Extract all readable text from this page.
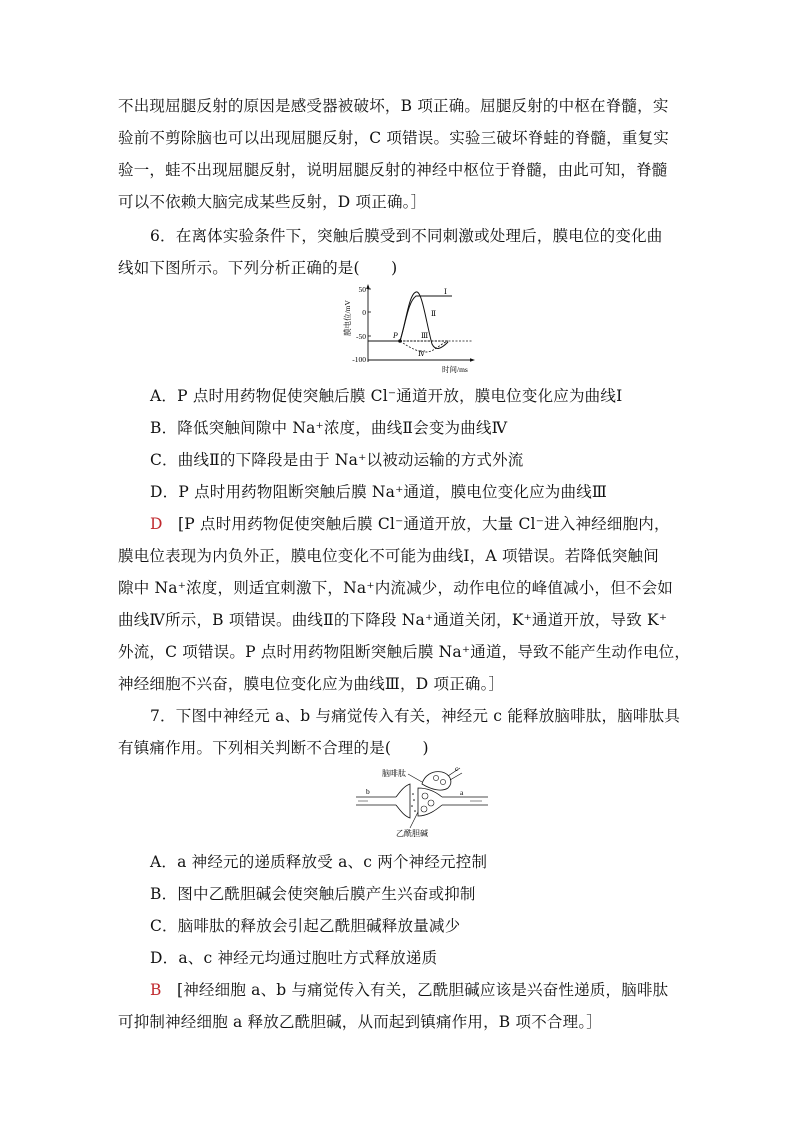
不出现屈腿反射的原因是感受器被破坏，B 项正确。屈腿反射的中枢在脊髓，实
验前不剪除脑也可以出现屈腿反射，C 项错误。实验三破坏脊蛙的脊髓，重复实
验一，蛙不出现屈腿反射，说明屈腿反射的神经中枢位于脊髓，由此可知，脊髓
可以不依赖大脑完成某些反射，D 项正确。］
6．在离体实验条件下，突触后膜受到不同刺激或处理后，膜电位的变化曲
线如下图所示。下列分析正确的是(　　)
50
0
-50
-100
膜电位/mV
时间/ms
P
Ⅰ
Ⅱ
Ⅲ
Ⅳ
A．P 点时用药物促使突触后膜 Cl⁻通道开放，膜电位变化应为曲线Ⅰ
B．降低突触间隙中 Na⁺浓度，曲线Ⅱ会变为曲线Ⅳ
C．曲线Ⅱ的下降段是由于 Na⁺以被动运输的方式外流
D．P 点时用药物阻断突触后膜 Na⁺通道，膜电位变化应为曲线Ⅲ
D [P 点时用药物促使突触后膜 Cl⁻通道开放，大量 Cl⁻进入神经细胞内，
膜电位表现为内负外正，膜电位变化不可能为曲线Ⅰ，A 项错误。若降低突触间
隙中 Na⁺浓度，则适宜刺激下，Na⁺内流减少，动作电位的峰值减小，但不会如
曲线Ⅳ所示，B 项错误。曲线Ⅱ的下降段 Na⁺通道关闭，K⁺通道开放，导致 K⁺
外流，C 项错误。P 点时用药物阻断突触后膜 Na⁺通道，导致不能产生动作电位，
神经细胞不兴奋，膜电位变化应为曲线Ⅲ，D 项正确。］
7．下图中神经元 a、b 与痛觉传入有关，神经元 c 能释放脑啡肽，脑啡肽具
有镇痛作用。下列相关判断不合理的是(　　)
脑啡肽
乙酰胆碱
b	a
c
A．a 神经元的递质释放受 a、c 两个神经元控制
B．图中乙酰胆碱会使突触后膜产生兴奋或抑制
C．脑啡肽的释放会引起乙酰胆碱释放量减少
D．a、c 神经元均通过胞吐方式释放递质
B [神经细胞 a、b 与痛觉传入有关，乙酰胆碱应该是兴奋性递质，脑啡肽
可抑制神经细胞 a 释放乙酰胆碱，从而起到镇痛作用，B 项不合理。］
